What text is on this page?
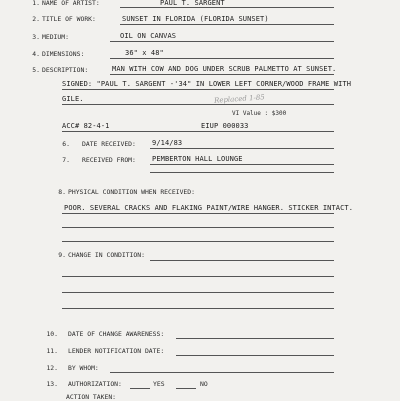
1. NAME OF ARTIST:	PAUL T. SARGENT
2. TITLE OF WORK:	SUNSET IN FLORIDA (FLORIDA SUNSET)
3. MEDIUM:	OIL ON CANVAS
4. DIMENSIONS:	36" x 48"
5. DESCRIPTION:	MAN WITH COW AND DOG UNDER SCRUB PALMETTO AT SUNSET.
SIGNED: "PAUL T. SARGENT -'34" IN LOWER LEFT CORNER/WOOD FRAME WITH
GILE.	Replaced 1-85
VI Value : $300
ACC# 82-4-1	EIUP 000033
6. DATE RECEIVED: 9/14/83
7. RECEIVED FROM: PEMBERTON HALL LOUNGE
8. PHYSICAL CONDITION WHEN RECEIVED:
POOR. SEVERAL CRACKS AND FLAKING PAINT/WIRE HANGER. STICKER INTACT.
9. CHANGE IN CONDITION:
10. DATE OF CHANGE AWARENESS:
11. LENDER NOTIFICATION DATE:
12. BY WHOM:
13. AUTHORIZATION:	YES	NO
ACTION TAKEN:
